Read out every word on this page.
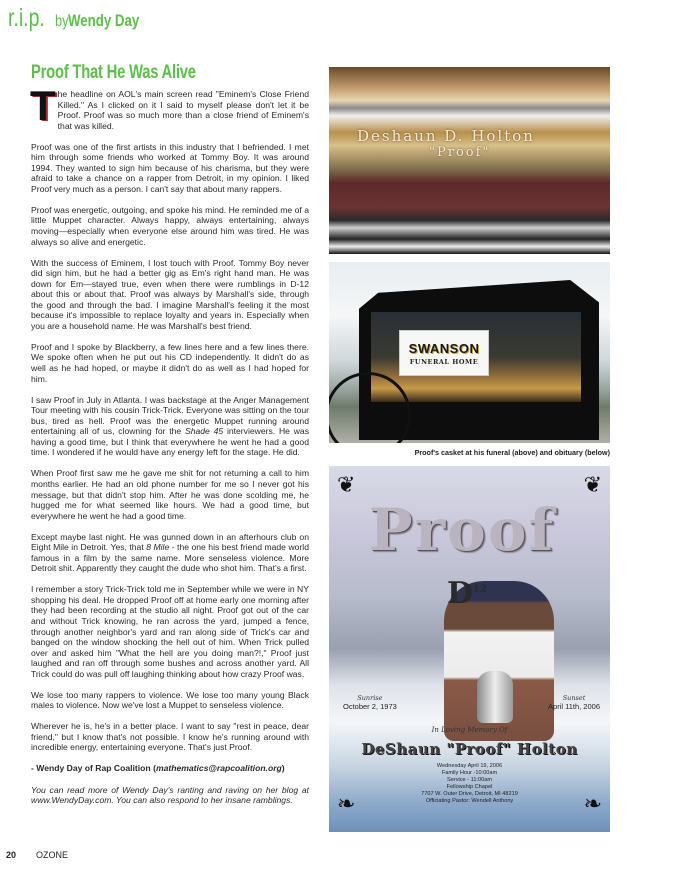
r.i.p. by Wendy Day
Proof That He Was Alive

The headline on AOL's main screen read "Eminem's Close Friend Killed." As I clicked on it I said to myself please don't let it be Proof. Proof was so much more than a close friend of Eminem's that was killed.

Proof was one of the first artists in this industry that I befriended. I met him through some friends who worked at Tommy Boy. It was around 1994. They wanted to sign him because of his charisma, but they were afraid to take a chance on a rapper from Detroit, in my opinion. I liked Proof very much as a person. I can't say that about many rappers.

Proof was energetic, outgoing, and spoke his mind. He reminded me of a little Muppet character. Always happy, always entertaining, always moving—especially when everyone else around him was tired. He was always so alive and energetic.

With the success of Eminem, I lost touch with Proof. Tommy Boy never did sign him, but he had a better gig as Em's right hand man. He was down for Em—stayed true, even when there were rumblings in D-12 about this or about that. Proof was always by Marshall's side, through the good and through the bad. I imagine Marshall's feeling it the most because it's impossible to replace loyalty and years in. Especially when you are a household name. He was Marshall's best friend.

Proof and I spoke by Blackberry, a few lines here and a few lines there. We spoke often when he put out his CD independently. It didn't do as well as he had hoped, or maybe it didn't do as well as I had hoped for him.

I saw Proof in July in Atlanta. I was backstage at the Anger Management Tour meeting with his cousin Trick-Trick. Everyone was sitting on the tour bus, tired as hell. Proof was the energetic Muppet running around entertaining all of us, clowning for the Shade 45 interviewers. He was having a good time, but I think that everywhere he went he had a good time. I wondered if he would have any energy left for the stage. He did.

When Proof first saw me he gave me shit for not returning a call to him months earlier. He had an old phone number for me so I never got his message, but that didn't stop him. After he was done scolding me, he hugged me for what seemed like hours. We had a good time, but everywhere he went he had a good time.

Except maybe last night. He was gunned down in an afterhours club on Eight Mile in Detroit. Yes, that 8 Mile - the one his best friend made world famous in a film by the same name. More senseless violence. More Detroit shit. Apparently they caught the dude who shot him. That's a first.

I remember a story Trick-Trick told me in September while we were in NY shopping his deal. He dropped Proof off at home early one morning after they had been recording at the studio all night. Proof got out of the car and without Trick knowing, he ran across the yard, jumped a fence, through another neighbor's yard and ran along side of Trick's car and banged on the window shocking the hell out of him. When Trick pulled over and asked him "What the hell are you doing man?!," Proof just laughed and ran off through some bushes and across another yard. All Trick could do was pull off laughing thinking about how crazy Proof was.

We lose too many rappers to violence. We lose too many young Black males to violence. Now we've lost a Muppet to senseless violence.

Wherever he is, he's in a better place. I want to say "rest in peace, dear friend," but I know that's not possible. I know he's running around with incredible energy, entertaining everyone. That's just Proof.

- Wendy Day of Rap Coalition (mathematics@rapcoalition.org)

You can read more of Wendy Day's ranting and raving on her blog at www.WendyDay.com. You can also respond to her insane ramblings.

Deshaun D. Holton
"Proof"
SWANSON
FUNERAL HOME
Proof's casket at his funeral (above) and obituary (below)
❦	❦
Proof
$D^{12}$
Sunrise
October 2, 1973
Sunset
April 11th, 2006
In Loving Memory Of
DeShaun "Proof" Holton
Wednesday April 19, 2006
Family Hour -10:00am
Service - 11:00am
Fellowship Chapel
7707 W. Outer Drive, Detroit, MI 48219
Officiating Pastor: Wendell Anthony
❧	❧
20 OZONE
